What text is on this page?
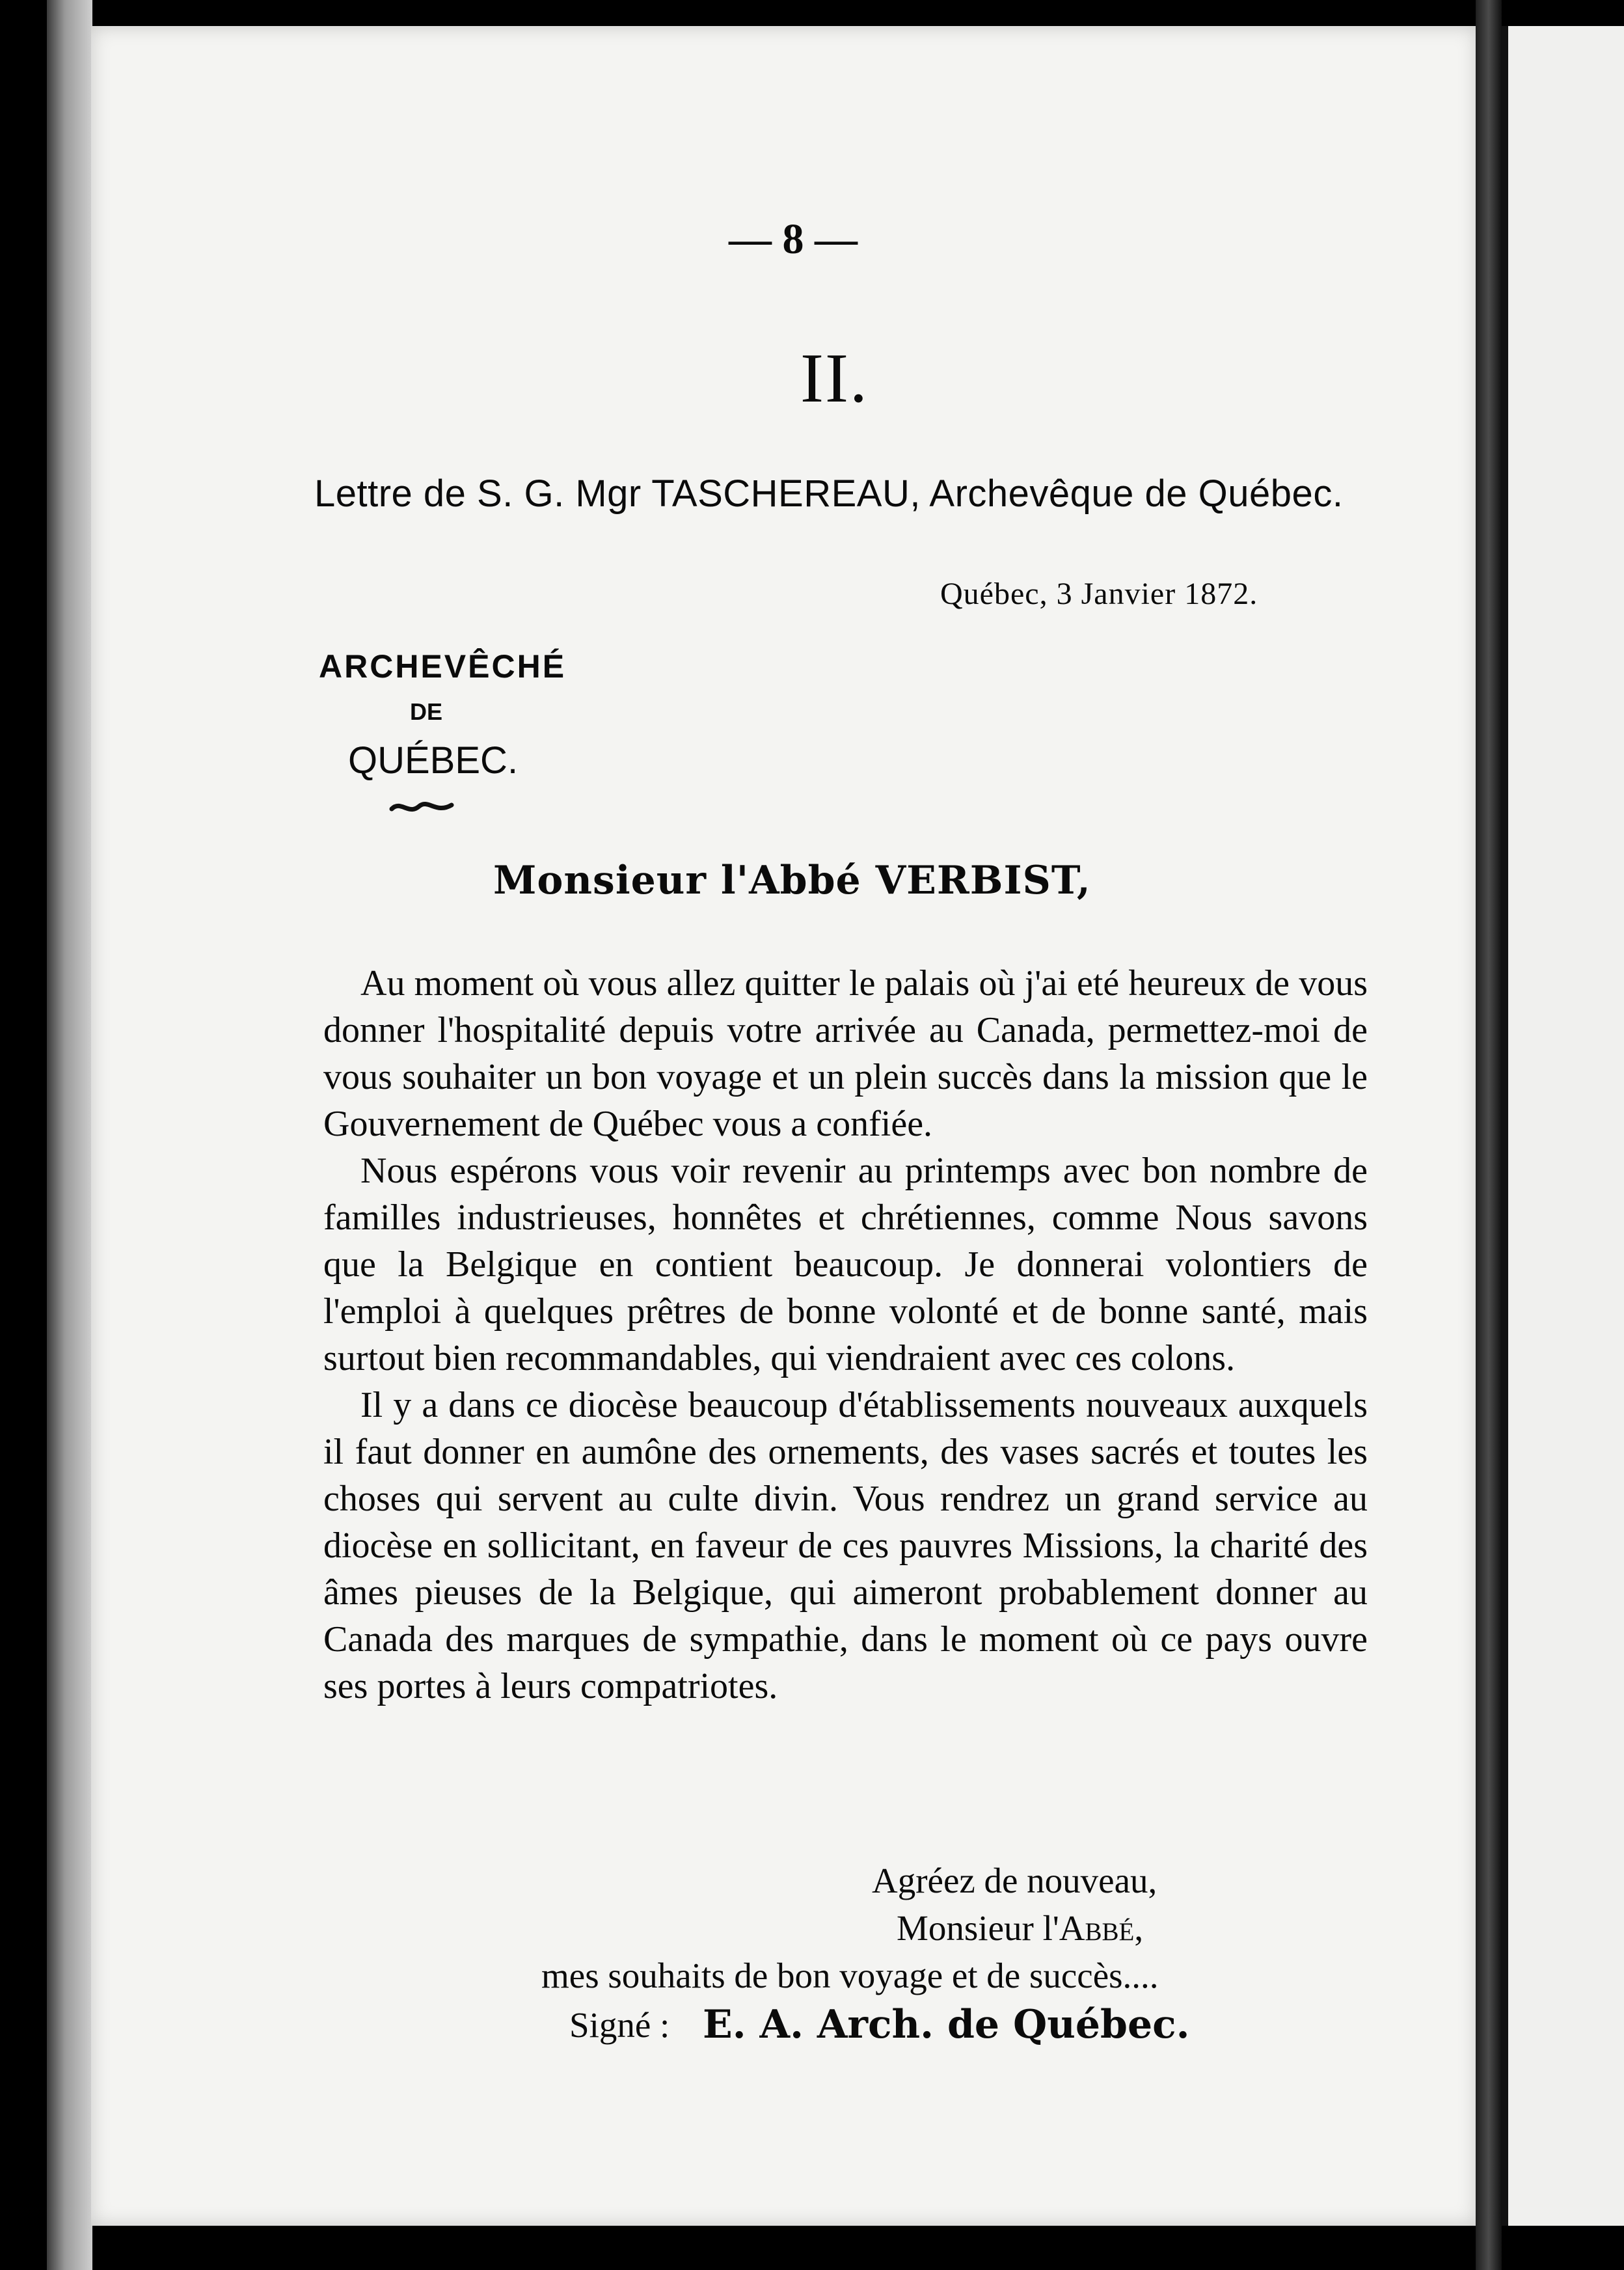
— 8 —
II.
Lettre de S. G. Mgr TASCHEREAU, Archevêque de Québec.
Québec, 3 Janvier 1872.
ARCHEVÊCHÉ
DE
QUÉBEC.
Monsieur l'Abbé VERBIST,

Au moment où vous allez quitter le palais où j'ai eté heureux de vous donner l'hospitalité depuis votre arrivée au Canada, permettez-moi de vous souhaiter un bon voyage et un plein succès dans la mission que le Gouvernement de Québec vous a confiée.

Nous espérons vous voir revenir au printemps avec bon nombre de familles industrieuses, honnêtes et chrétiennes, comme Nous savons que la Belgique en contient beaucoup. Je donnerai volontiers de l'emploi à quelques prêtres de bonne volonté et de bonne santé, mais surtout bien recommandables, qui viendraient avec ces colons.

Il y a dans ce diocèse beaucoup d'établissements nouveaux auxquels il faut donner en aumône des ornements, des vases sacrés et toutes les choses qui servent au culte divin. Vous rendrez un grand service au diocèse en sollicitant, en faveur de ces pauvres Missions, la charité des âmes pieuses de la Belgique, qui aimeront probablement donner au Canada des marques de sympathie, dans le moment où ce pays ouvre ses portes à leurs compatriotes.

Agréez de nouveau,
Monsieur l'Abbé,
mes souhaits de bon voyage et de succès....
Signé : E. A. Arch. de Québec.
